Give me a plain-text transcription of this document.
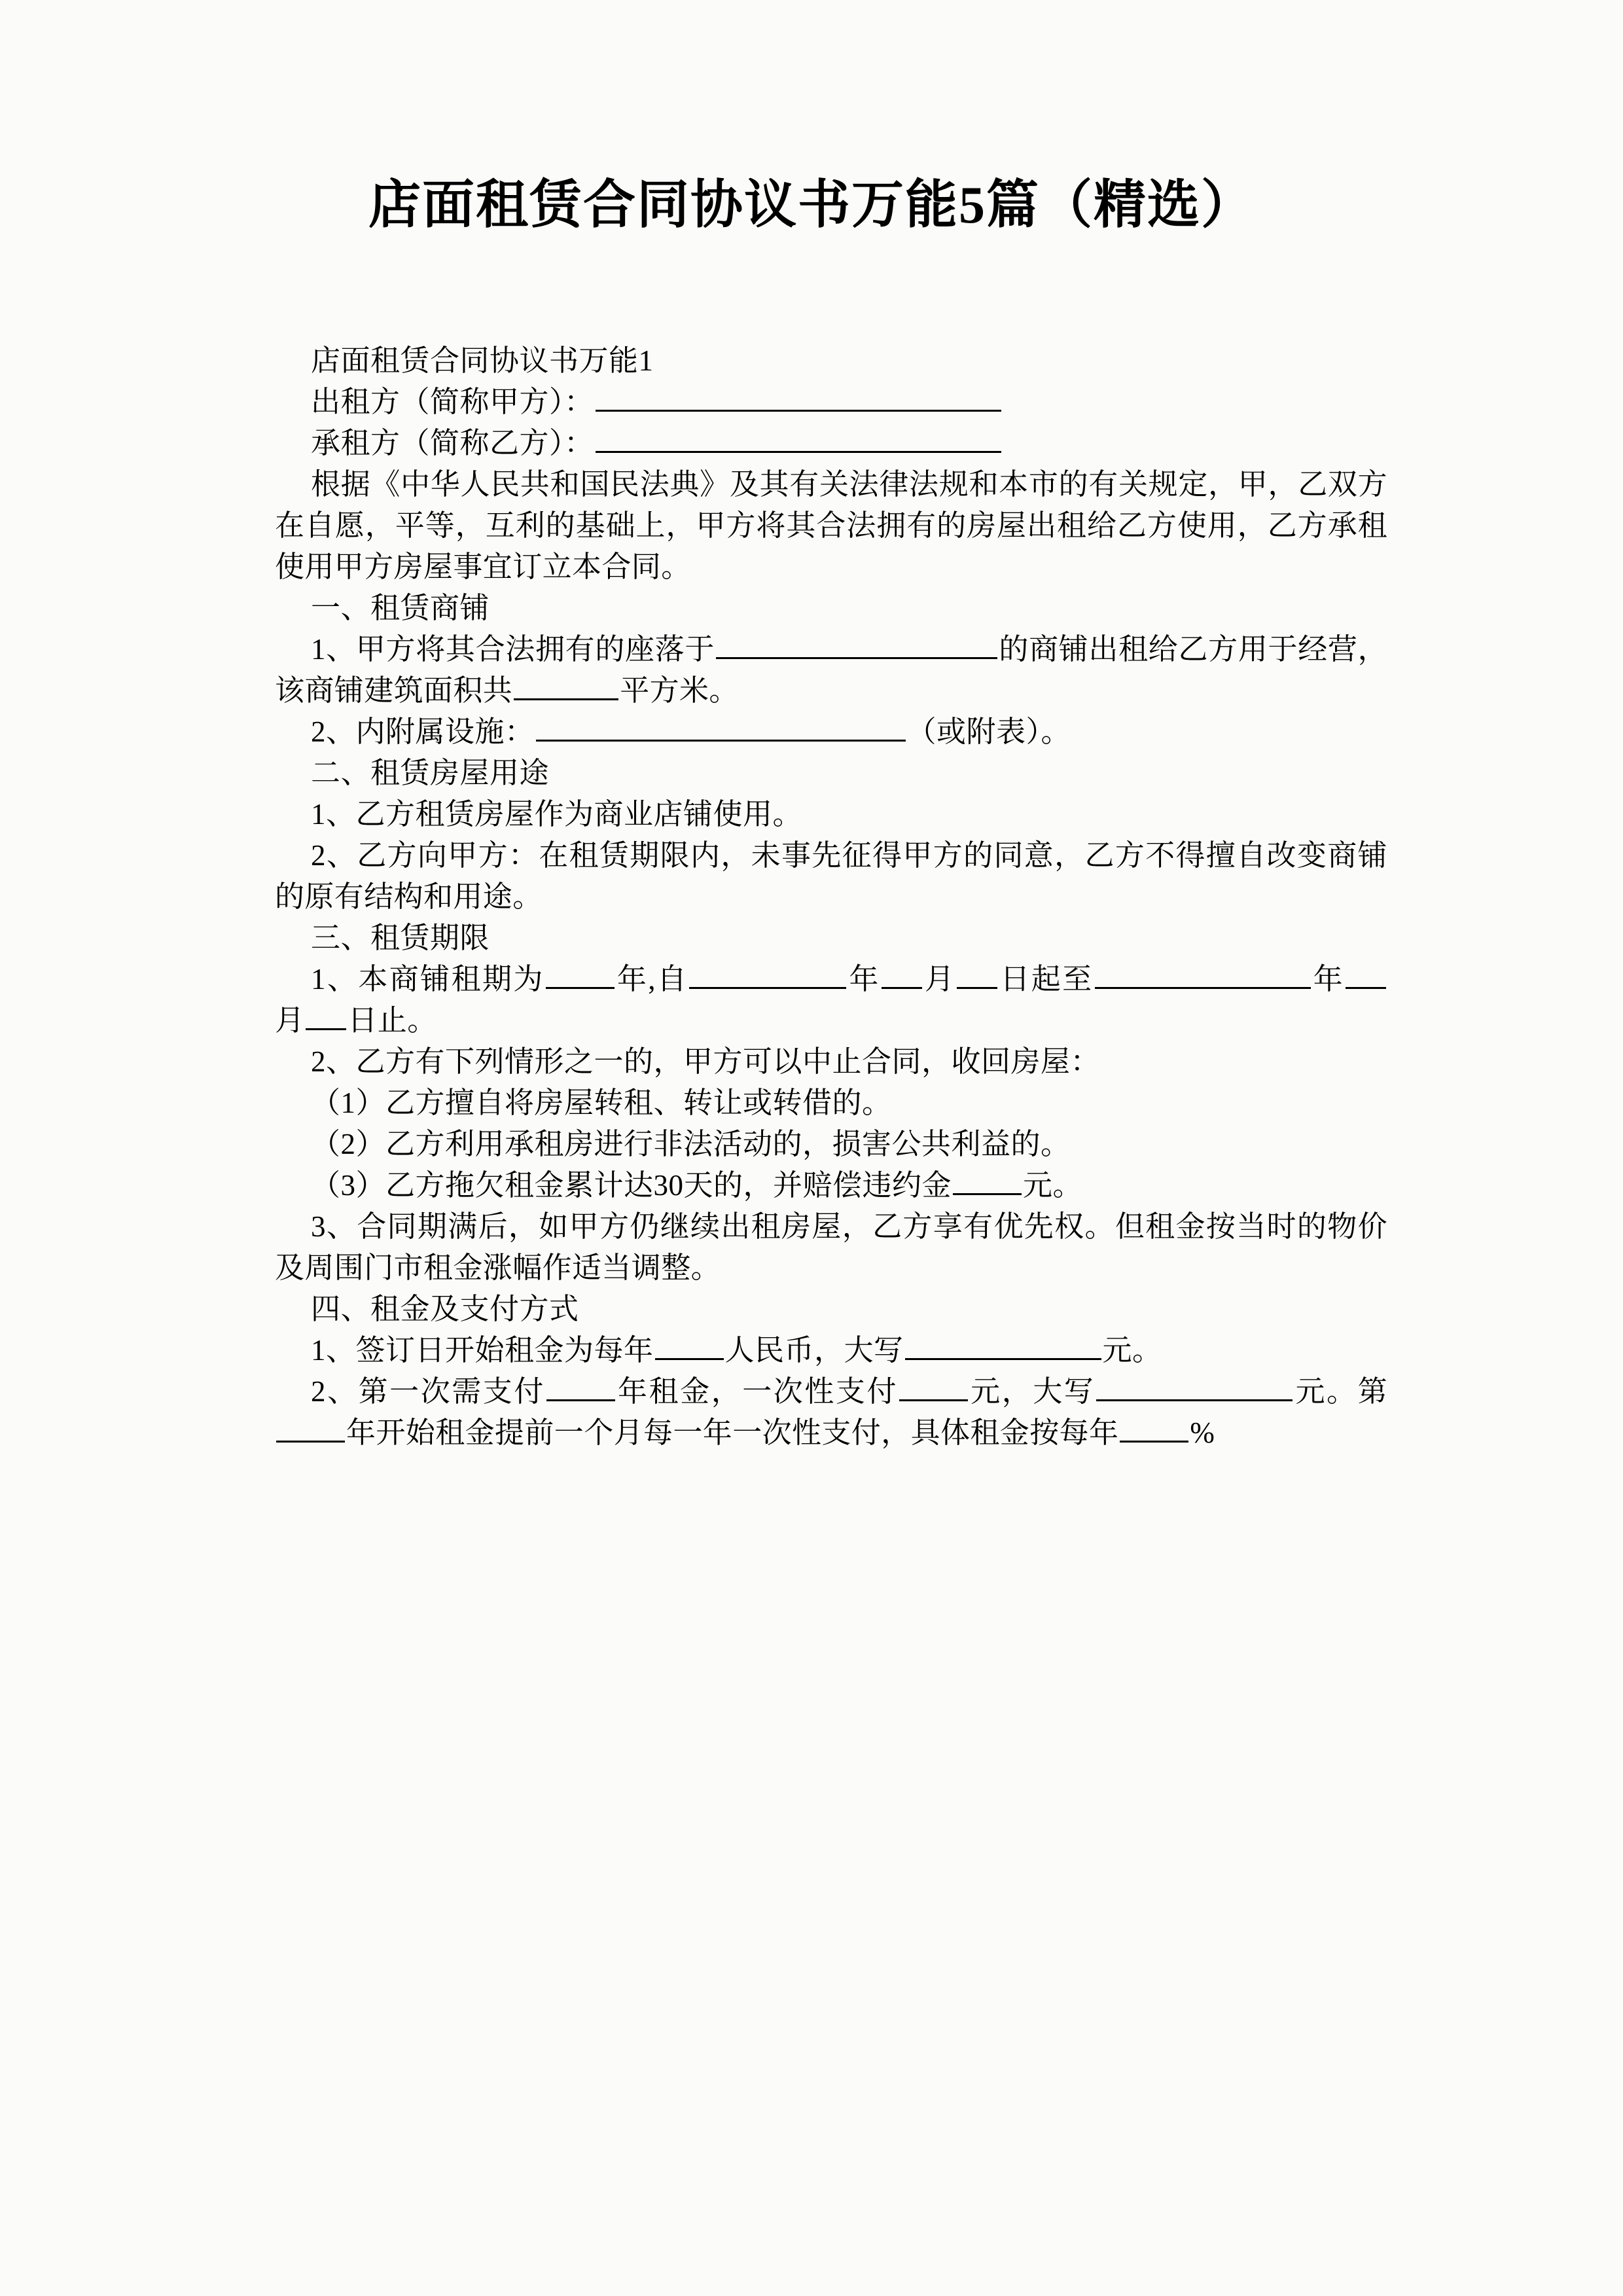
店面租赁合同协议书万能5篇（精选）
店面租赁合同协议书万能1
出租方（简称甲方）：
承租方（简称乙方）：
根据《中华人民共和国民法典》及其有关法律法规和本市的有关规定，甲，乙双方在自愿，平等，互利的基础上，甲方将其合法拥有的房屋出租给乙方使用，乙方承租使用甲方房屋事宜订立本合同。
一、租赁商铺
1、甲方将其合法拥有的座落于	的商铺出租给乙方用于经营，该商铺建筑面积共	平方米。
2、内附属设施：	（或附表）。
二、租赁房屋用途
1、乙方租赁房屋作为商业店铺使用。
2、乙方向甲方：在租赁期限内，未事先征得甲方的同意，乙方不得擅自改变商铺的原有结构和用途。
三、租赁期限
1、本商铺租期为 年,自	年 月 日起至	年月 日止。
2、乙方有下列情形之一的，甲方可以中止合同，收回房屋：
（1）乙方擅自将房屋转租、转让或转借的。
（2）乙方利用承租房进行非法活动的，损害公共利益的。
（3）乙方拖欠租金累计达30天的，并赔偿违约金 元。
3、合同期满后，如甲方仍继续出租房屋，乙方享有优先权。但租金按当时的物价及周围门市租金涨幅作适当调整。
四、租金及支付方式
1、签订日开始租金为每年 人民币，大写	元。
2、第一次需支付 年租金，一次性支付 元，大写	元。第年开始租金提前一个月每一年一次性支付，具体租金按每年 %
